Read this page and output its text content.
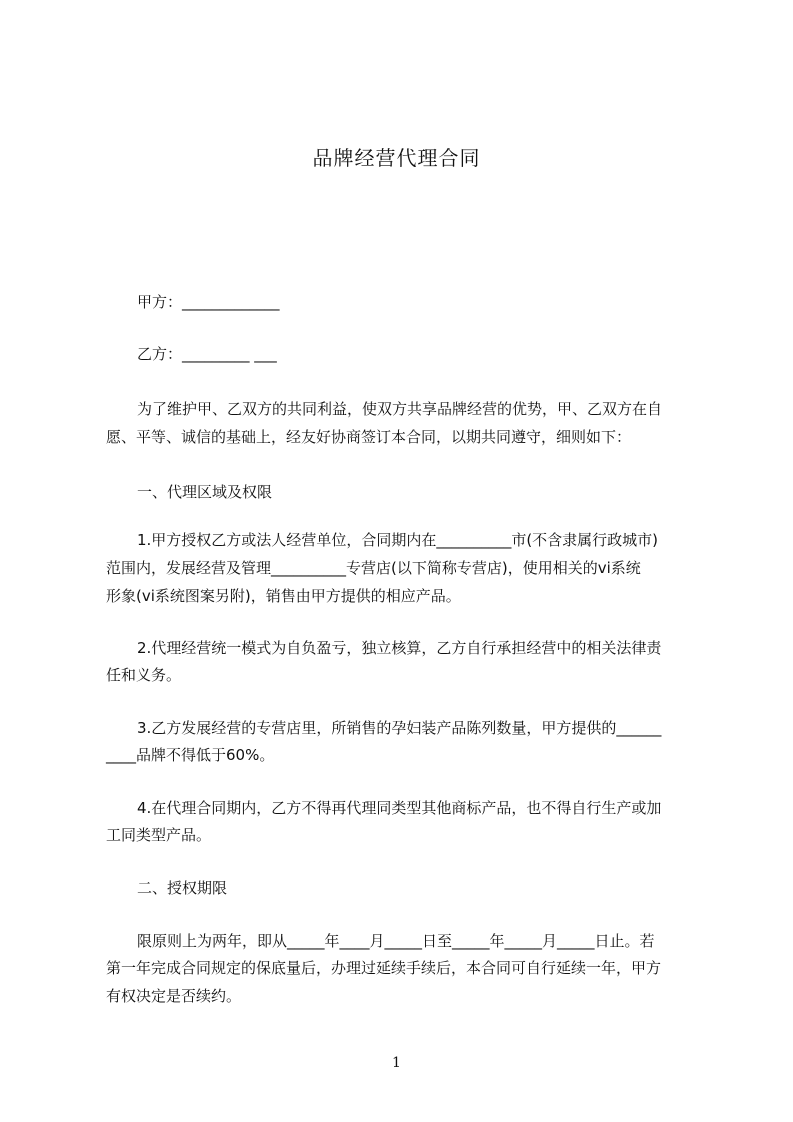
品牌经营代理合同
甲方：_____________
乙方：_________ ___
为了维护甲、乙双方的共同利益，使双方共享品牌经营的优势，甲、乙双方在自
愿、平等、诚信的基础上，经友好协商签订本合同，以期共同遵守，细则如下：
一、代理区域及权限
1.甲方授权乙方或法人经营单位，合同期内在__________市(不含隶属行政城市)
范围内，发展经营及管理__________专营店(以下简称专营店)，使用相关的vi系统
形象(vi系统图案另附)，销售由甲方提供的相应产品。
2.代理经营统一模式为自负盈亏，独立核算，乙方自行承担经营中的相关法律责
任和义务。
3.乙方发展经营的专营店里，所销售的孕妇装产品陈列数量，甲方提供的______
____品牌不得低于60%。
4.在代理合同期内，乙方不得再代理同类型其他商标产品，也不得自行生产或加
工同类型产品。
二、授权期限
限原则上为两年，即从_____年____月_____日至_____年_____月_____日止。若
第一年完成合同规定的保底量后，办理过延续手续后，本合同可自行延续一年，甲方
有权决定是否续约。
1
